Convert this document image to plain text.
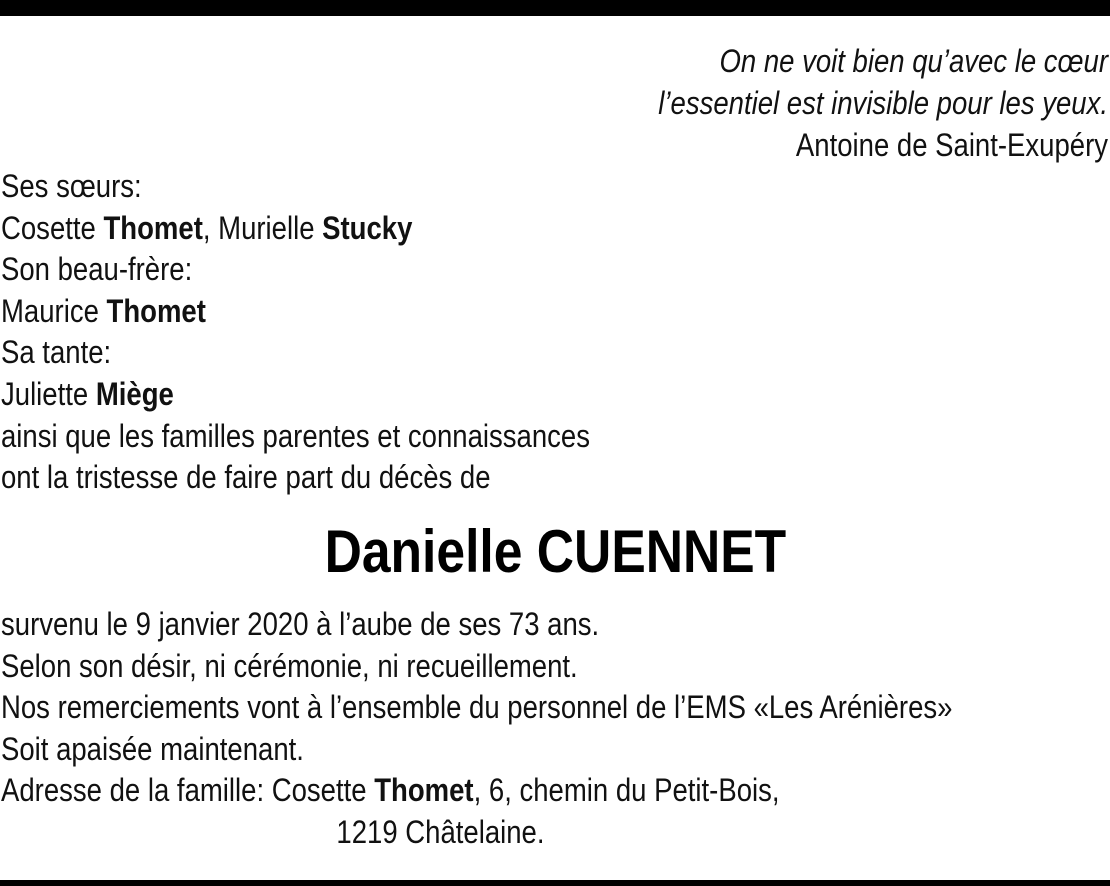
On ne voit bien qu’avec le cœur
l’essentiel est invisible pour les yeux.
Antoine de Saint-Exupéry
Ses sœurs:
Cosette Thomet, Murielle Stucky
Son beau-frère:
Maurice Thomet
Sa tante:
Juliette Miège
ainsi que les familles parentes et connaissances
ont la tristesse de faire part du décès de
Danielle CUENNET
survenu le 9 janvier 2020 à l’aube de ses 73 ans.
Selon son désir, ni cérémonie, ni recueillement.
Nos remerciements vont à l’ensemble du personnel de l’EMS «Les Arénières»
Soit apaisée maintenant.
Adresse de la famille: Cosette Thomet, 6, chemin du Petit-Bois,
1219 Châtelaine.
